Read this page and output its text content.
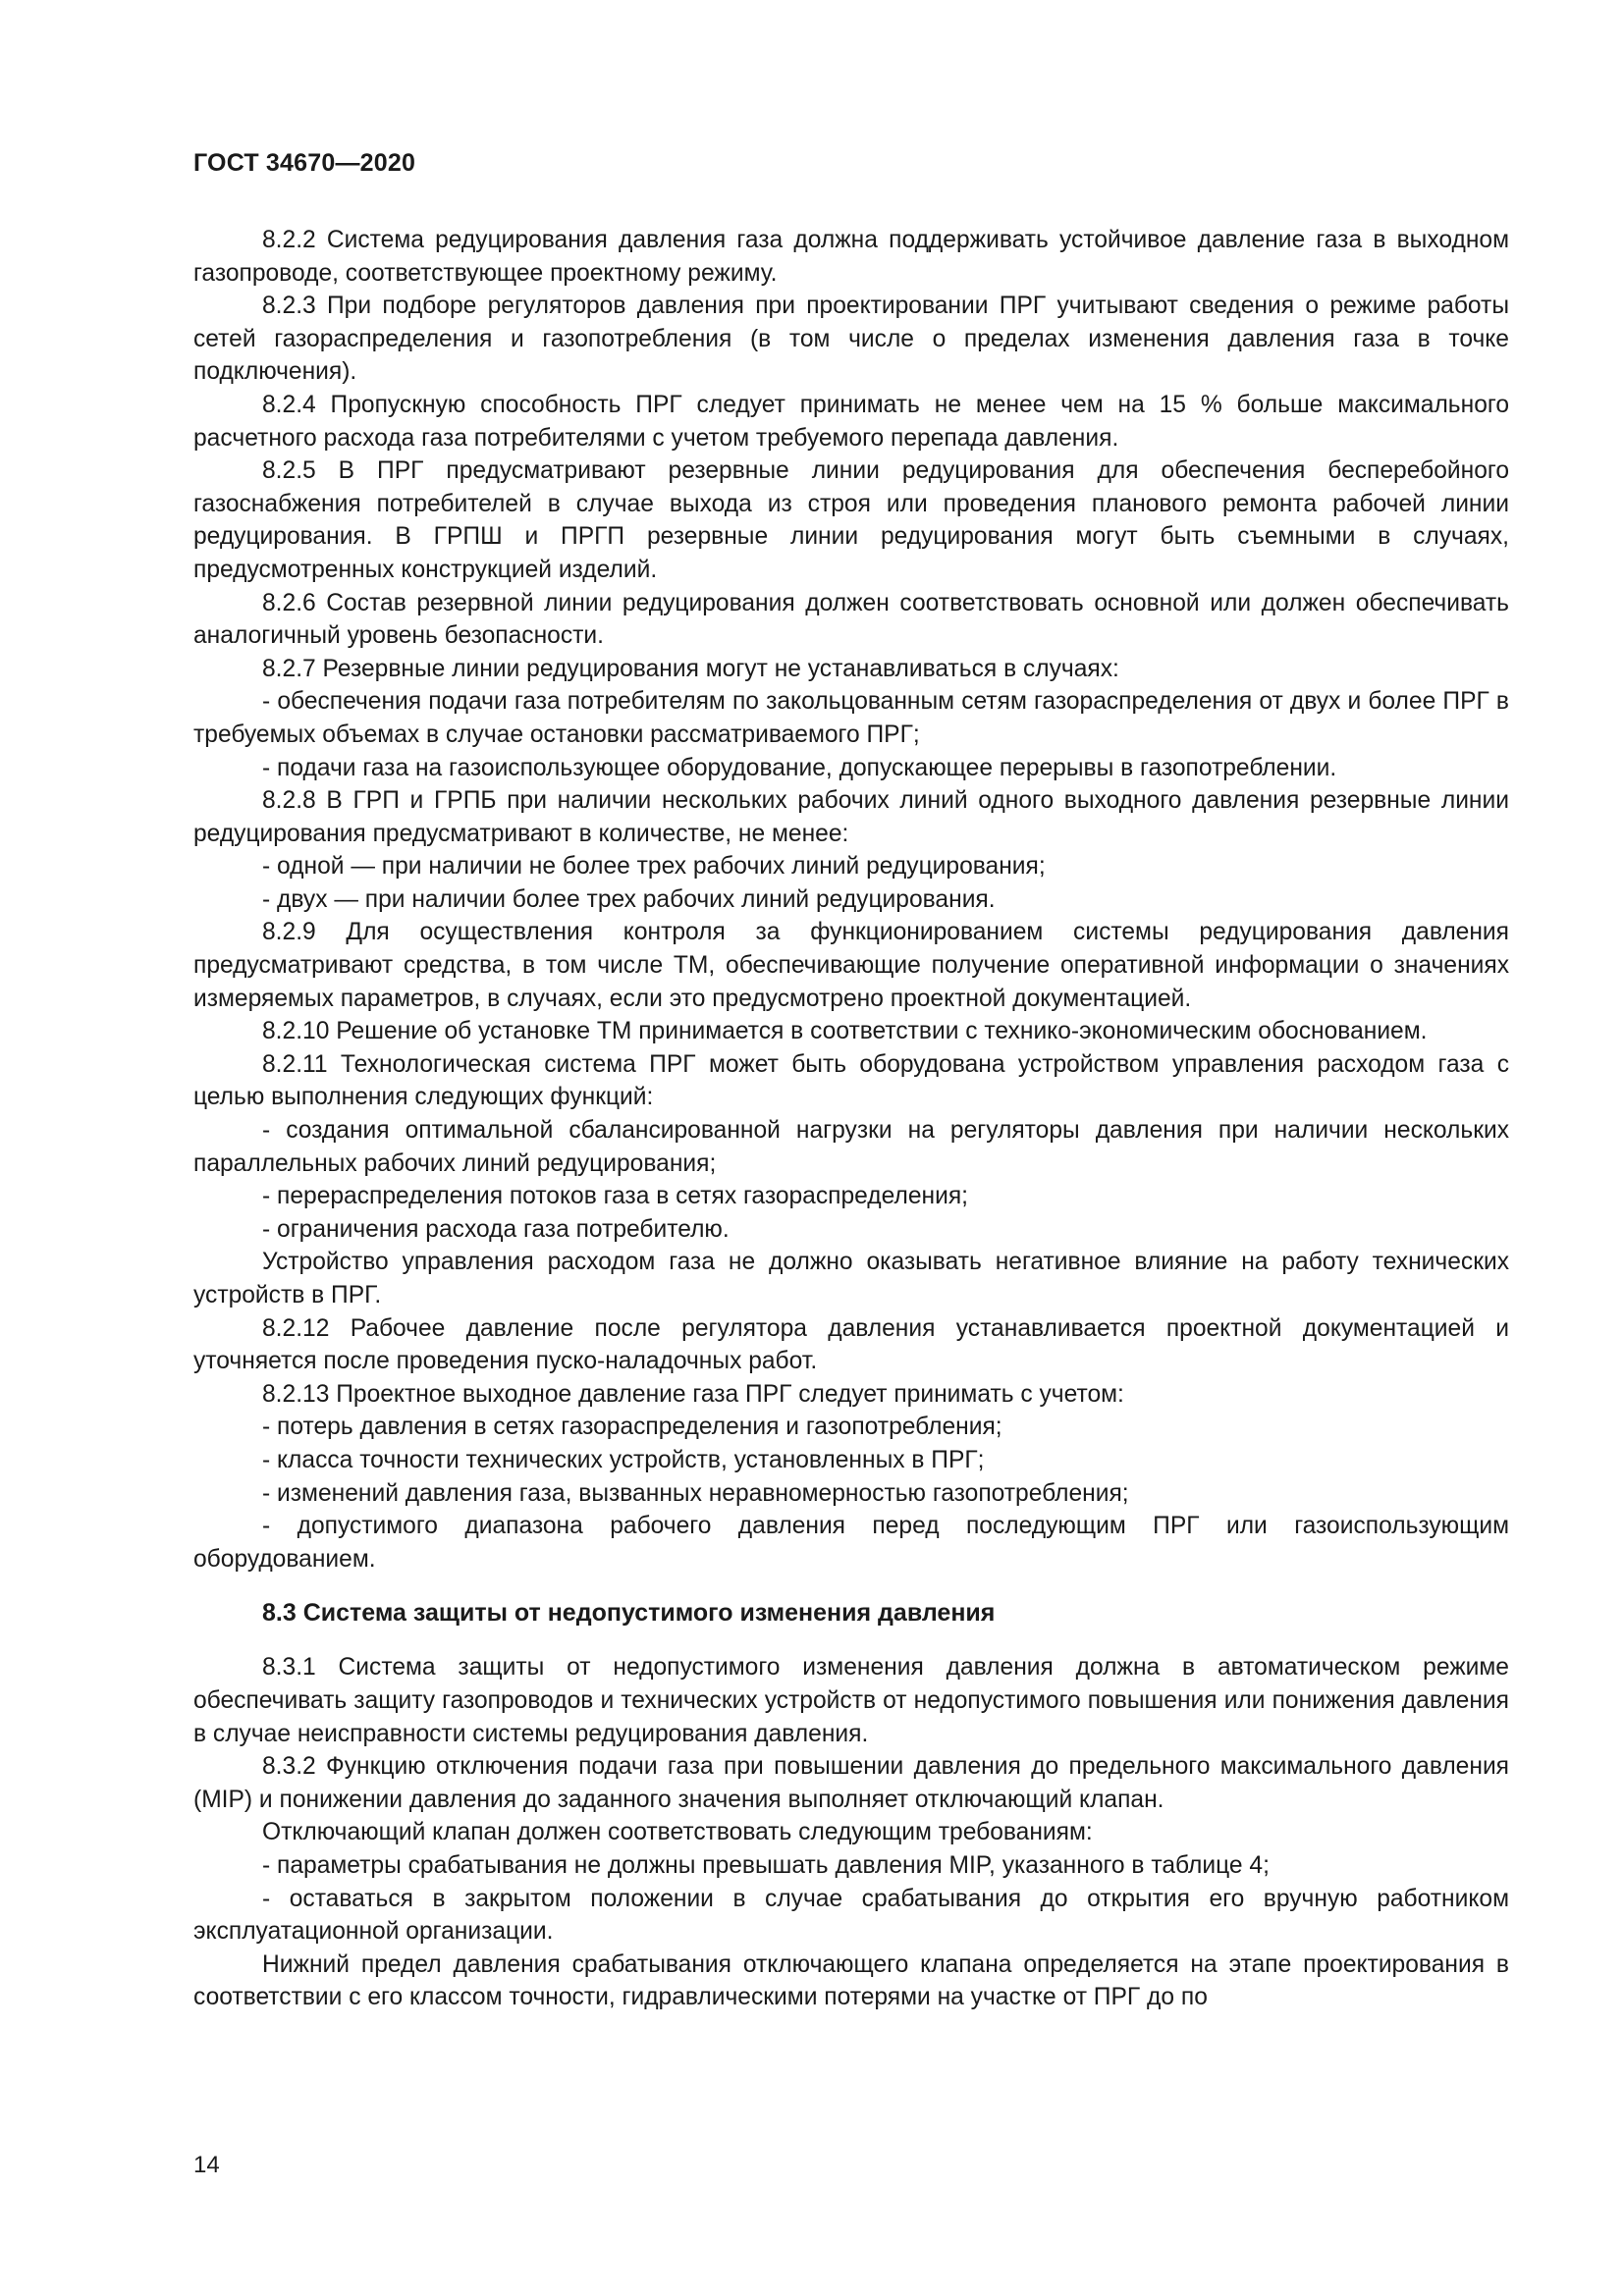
ГОСТ 34670—2020

8.2.2 Система редуцирования давления газа должна поддерживать устойчивое давление газа в выходном газопроводе, соответствующее проектному режиму.

8.2.3 При подборе регуляторов давления при проектировании ПРГ учитывают сведения о режиме работы сетей газораспределения и газопотребления (в том числе о пределах изменения давления газа в точке подключения).

8.2.4 Пропускную способность ПРГ следует принимать не менее чем на 15 % больше максимального расчетного расхода газа потребителями с учетом требуемого перепада давления.

8.2.5 В ПРГ предусматривают резервные линии редуцирования для обеспечения бесперебойного газоснабжения потребителей в случае выхода из строя или проведения планового ремонта рабочей линии редуцирования. В ГРПШ и ПРГП резервные линии редуцирования могут быть съемными в случаях, предусмотренных конструкцией изделий.

8.2.6 Состав резервной линии редуцирования должен соответствовать основной или должен обеспечивать аналогичный уровень безопасности.

8.2.7 Резервные линии редуцирования могут не устанавливаться в случаях:

- обеспечения подачи газа потребителям по закольцованным сетям газораспределения от двух и более ПРГ в требуемых объемах в случае остановки рассматриваемого ПРГ;

- подачи газа на газоиспользующее оборудование, допускающее перерывы в газопотреблении.

8.2.8 В ГРП и ГРПБ при наличии нескольких рабочих линий одного выходного давления резервные линии редуцирования предусматривают в количестве, не менее:

- одной — при наличии не более трех рабочих линий редуцирования;

- двух — при наличии более трех рабочих линий редуцирования.

8.2.9 Для осуществления контроля за функционированием системы редуцирования давления предусматривают средства, в том числе ТМ, обеспечивающие получение оперативной информации о значениях измеряемых параметров, в случаях, если это предусмотрено проектной документацией.

8.2.10 Решение об установке ТМ принимается в соответствии с технико-экономическим обоснованием.

8.2.11 Технологическая система ПРГ может быть оборудована устройством управления расходом газа с целью выполнения следующих функций:

- создания оптимальной сбалансированной нагрузки на регуляторы давления при наличии нескольких параллельных рабочих линий редуцирования;

- перераспределения потоков газа в сетях газораспределения;

- ограничения расхода газа потребителю.

Устройство управления расходом газа не должно оказывать негативное влияние на работу технических устройств в ПРГ.

8.2.12 Рабочее давление после регулятора давления устанавливается проектной документацией и уточняется после проведения пуско-наладочных работ.

8.2.13 Проектное выходное давление газа ПРГ следует принимать с учетом:

- потерь давления в сетях газораспределения и газопотребления;

- класса точности технических устройств, установленных в ПРГ;

- изменений давления газа, вызванных неравномерностью газопотребления;

- допустимого диапазона рабочего давления перед последующим ПРГ или газоиспользующим оборудованием.

8.3 Система защиты от недопустимого изменения давления

8.3.1 Система защиты от недопустимого изменения давления должна в автоматическом режиме обеспечивать защиту газопроводов и технических устройств от недопустимого повышения или понижения давления в случае неисправности системы редуцирования давления.

8.3.2 Функцию отключения подачи газа при повышении давления до предельного максимального давления (MIP) и понижении давления до заданного значения выполняет отключающий клапан.

Отключающий клапан должен соответствовать следующим требованиям:

- параметры срабатывания не должны превышать давления MIP, указанного в таблице 4;

- оставаться в закрытом положении в случае срабатывания до открытия его вручную работником эксплуатационной организации.

Нижний предел давления срабатывания отключающего клапана определяется на этапе проектирования в соответствии с его классом точности, гидравлическими потерями на участке от ПРГ до по

14
